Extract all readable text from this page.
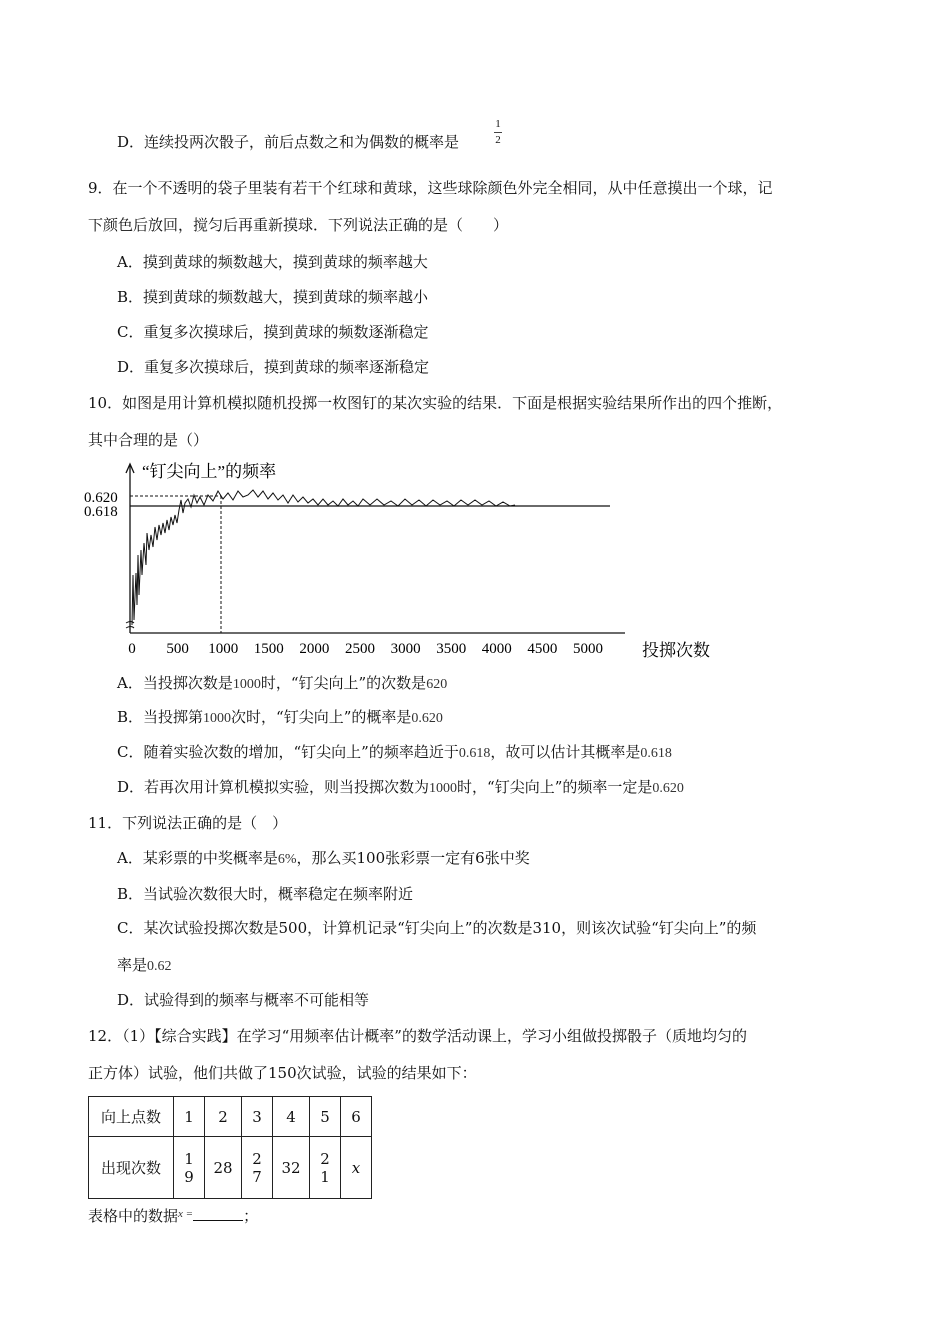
D．连续投两次骰子，前后点数之和为偶数的概率是
1
2
9．在一个不透明的袋子里装有若干个红球和黄球，这些球除颜色外完全相同，从中任意摸出一个球，记
下颜色后放回，搅匀后再重新摸球．下列说法正确的是（　　）
A．摸到黄球的频数越大，摸到黄球的频率越大
B．摸到黄球的频数越大，摸到黄球的频率越小
C．重复多次摸球后，摸到黄球的频数逐渐稳定
D．重复多次摸球后，摸到黄球的频率逐渐稳定
10．如图是用计算机模拟随机投掷一枚图钉的某次实验的结果．下面是根据实验结果所作出的四个推断，
其中合理的是（）
“钉尖向上”的频率
投掷次数
0.620
0.618
0 500 1000 1500 2000 2500 3000 3500 4000 4500 5000
A．当投掷次数是1000时，“钉尖向上”的次数是620
B．当投掷第1000次时，“钉尖向上”的概率是0.620
C．随着实验次数的增加，“钉尖向上”的频率趋近于0.618，故可以估计其概率是0.618
D．若再次用计算机模拟实验，则当投掷次数为1000时，“钉尖向上”的频率一定是0.620
11．下列说法正确的是（　）
A．某彩票的中奖概率是6%，那么买100张彩票一定有6张中奖
B．当试验次数很大时，概率稳定在频率附近
C．某次试验投掷次数是500，计算机记录“钉尖向上”的次数是310，则该次试验“钉尖向上”的频
率是0.62
D．试验得到的频率与概率不可能相等
12．（1）【综合实践】在学习“用频率估计概率”的数学活动课上，学习小组做投掷骰子（质地均匀的
正方体）试验，他们共做了150次试验，试验的结果如下：
向上点数	1	2	3	4	5	6
出现次数	19	28	27	32	21	x
表格中的数据$^{x =}$	；
